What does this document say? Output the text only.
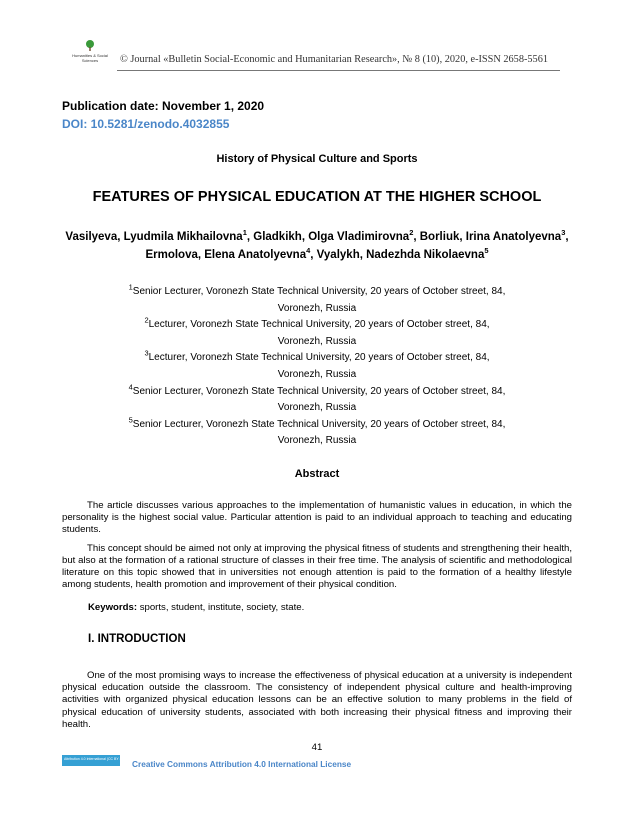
Humanities & Social Sciences	© Journal «Bulletin Social-Economic and Humanitarian Research», № 8 (10), 2020, e-ISSN 2658-5561
Publication date: November 1, 2020
DOI: 10.5281/zenodo.4032855
History of Physical Culture and Sports
FEATURES OF PHYSICAL EDUCATION AT THE HIGHER SCHOOL
Vasilyeva, Lyudmila Mikhailovna$^1$, Gladkikh, Olga Vladimirovna$^2$, Borliuk, Irina Anatolyevna$^3$, Ermolova, Elena Anatolyevna$^4$, Vyalykh, Nadezhda Nikolaevna$^5$

$^1$Senior Lecturer, Voronezh State Technical University, 20 years of October street, 84,
Voronezh, Russia

$^2$Lecturer, Voronezh State Technical University, 20 years of October street, 84,
Voronezh, Russia

$^3$Lecturer, Voronezh State Technical University, 20 years of October street, 84,
Voronezh, Russia

$^4$Senior Lecturer, Voronezh State Technical University, 20 years of October street, 84,
Voronezh, Russia

$^5$Senior Lecturer, Voronezh State Technical University, 20 years of October street, 84,
Voronezh, Russia

Abstract

The article discusses various approaches to the implementation of humanistic values in education, in which the personality is the highest social value. Particular attention is paid to an individual approach to teaching and educating students.

This concept should be aimed not only at improving the physical fitness of students and strengthening their health, but also at the formation of a rational structure of classes in their free time. The analysis of scientific and methodological literature on this topic showed that in universities not enough attention is paid to the formation of a healthy lifestyle among students, health promotion and improvement of their physical condition.

Keywords: sports, student, institute, society, state.
I. INTRODUCTION

One of the most promising ways to increase the effectiveness of physical education at a university is independent physical education outside the classroom. The consistency of independent physical culture and health-improving activities with organized physical education lessons can be an effective solution to many problems in the field of physical education of university students, associated with both increasing their physical fitness and improving their health.

41
Attribution 4.0 International (CC BY 4.0) Creative Commons Attribution 4.0 International License
